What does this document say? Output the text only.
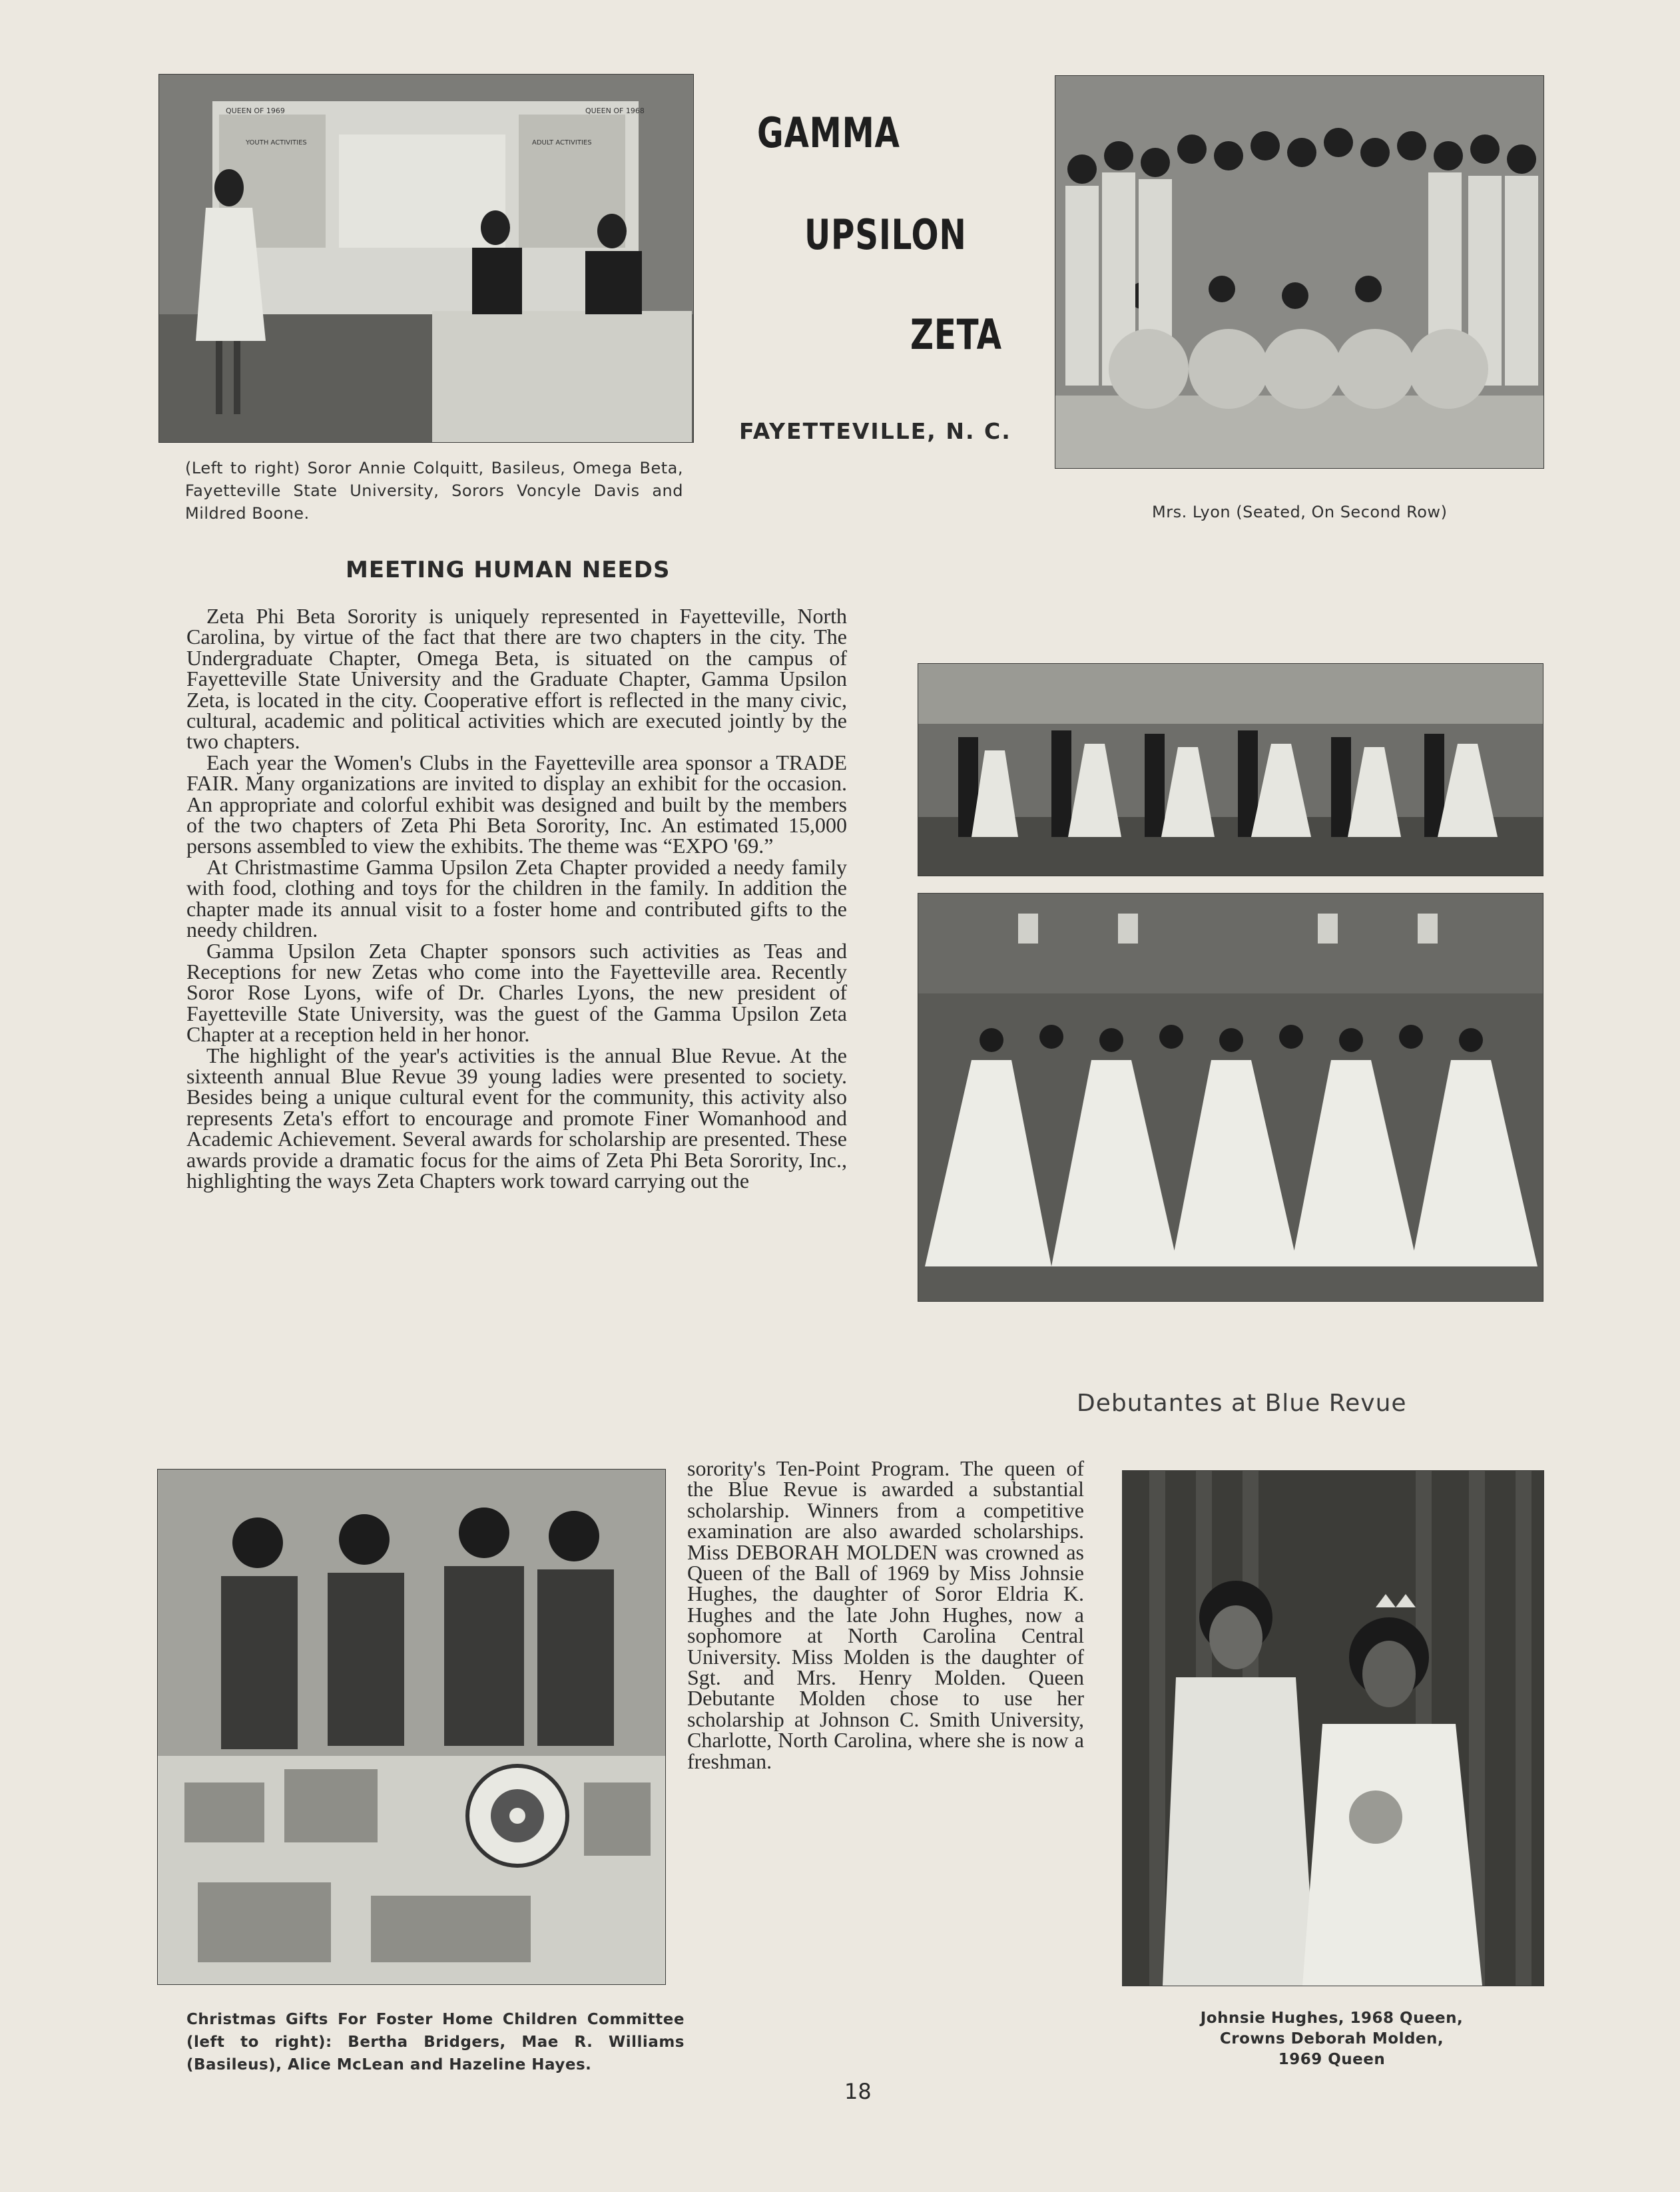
QUEEN OF 1969
YOUTH ACTIVITIES
QUEEN OF 1968
ADULT ACTIVITIES
(Left to right) Soror Annie Colquitt, Basileus, Omega Beta, Fayetteville State University, Sorors Voncyle Davis and Mildred Boone.
GAMMA
UPSILON
ZETA
FAYETTEVILLE, N. C.
Mrs. Lyon (Seated, On Second Row)
MEETING HUMAN NEEDS

Zeta Phi Beta Sorority is uniquely represented in Fayetteville, North Carolina, by virtue of the fact that there are two chapters in the city. The Undergraduate Chapter, Omega Beta, is situated on the campus of Fayetteville State University and the Graduate Chapter, Gamma Upsilon Zeta, is located in the city. Cooperative effort is reflected in the many civic, cultural, academic and political activities which are executed jointly by the two chapters.

Each year the Women's Clubs in the Fayetteville area sponsor a TRADE FAIR. Many organizations are invited to display an exhibit for the occasion. An appropriate and colorful exhibit was designed and built by the members of the two chapters of Zeta Phi Beta Sorority, Inc. An estimated 15,000 persons assembled to view the exhibits. The theme was “EXPO '69.”

At Christmastime Gamma Upsilon Zeta Chapter provided a needy family with food, clothing and toys for the children in the family. In addition the chapter made its annual visit to a foster home and contributed gifts to the needy children.

Gamma Upsilon Zeta Chapter sponsors such activities as Teas and Receptions for new Zetas who come into the Fayetteville area. Recently Soror Rose Lyons, wife of Dr. Charles Lyons, the new president of Fayetteville State University, was the guest of the Gamma Upsilon Zeta Chapter at a reception held in her honor.

The highlight of the year's activities is the annual Blue Revue. At the sixteenth annual Blue Revue 39 young ladies were presented to society. Besides being a unique cultural event for the community, this activity also represents Zeta's effort to encourage and promote Finer Womanhood and Academic Achievement. Several awards for scholarship are presented. These awards provide a dramatic focus for the aims of Zeta Phi Beta Sorority, Inc., highlighting the ways Zeta Chapters work toward carrying out the

Debutantes at Blue Revue
Christmas Gifts For Foster Home Children Committee (left to right): Bertha Bridgers, Mae R. Williams (Basileus), Alice McLean and Hazeline Hayes.

sorority's Ten-Point Program. The queen of the Blue Revue is awarded a substantial scholarship. Winners from a competitive examination are also awarded scholarships. Miss DEBORAH MOLDEN was crowned as Queen of the Ball of 1969 by Miss Johnsie Hughes, the daughter of Soror Eldria K. Hughes and the late John Hughes, now a sophomore at North Carolina Central University. Miss Molden is the daughter of Sgt. and Mrs. Henry Molden. Queen Debutante Molden chose to use her scholarship at Johnson C. Smith University, Charlotte, North Carolina, where she is now a freshman.

Johnsie Hughes, 1968 Queen,
Crowns Deborah Molden,
1969 Queen
18
